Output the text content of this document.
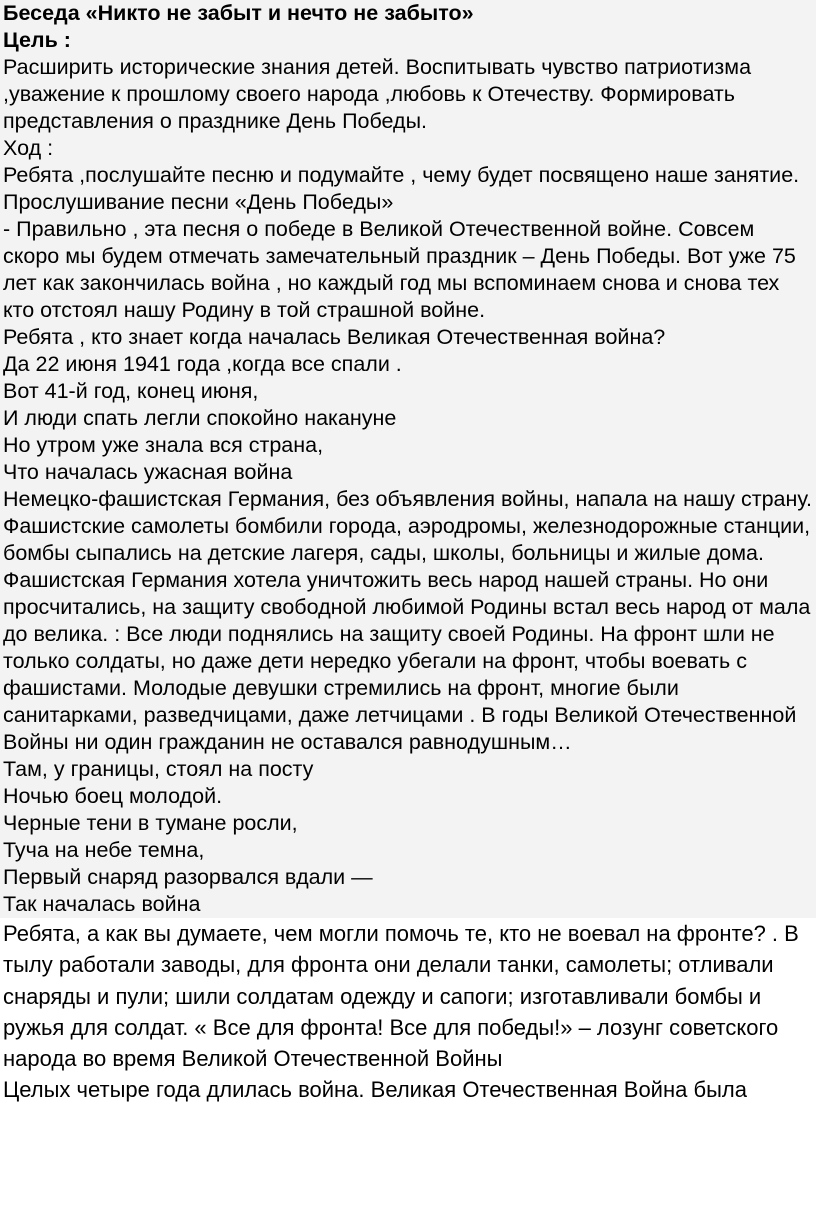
Беседа «Никто не забыт и нечто не забыто»

Цель :

Расширить исторические знания детей. Воспитывать чувство патриотизма ,уважение к прошлому своего народа ,любовь к Отечеству. Формировать представления о празднике День Победы.

Ход :

Ребята ,послушайте песню и подумайте , чему будет посвящено наше занятие.

Прослушивание песни «День Победы»

- Правильно , эта песня о победе в Великой Отечественной войне. Совсем скоро мы будем отмечать замечательный праздник – День Победы. Вот уже 75 лет как закончилась война , но каждый год мы вспоминаем снова и снова тех кто отстоял нашу Родину в той страшной войне.

Ребята , кто знает когда началась Великая Отечественная война?

Да 22 июня 1941 года ,когда все спали .

Вот 41-й год, конец июня,

И люди спать легли спокойно накануне

Но утром уже знала вся страна,

Что началась ужасная война

Немецко-фашистская Германия, без объявления войны, напала на нашу страну. Фашистские самолеты бомбили города, аэродромы, железнодорожные станции, бомбы сыпались на детские лагеря, сады, школы, больницы и жилые дома. Фашистская Германия хотела уничтожить весь народ нашей страны. Но они просчитались, на защиту свободной любимой Родины встал весь народ от мала до велика. : Все люди поднялись на защиту своей Родины. На фронт шли не только солдаты, но даже дети нередко убегали на фронт, чтобы воевать с фашистами. Молодые девушки стремились на фронт, многие были санитарками, разведчицами, даже летчицами . В годы Великой Отечественной Войны ни один гражданин не оставался равнодушным…

Там, у границы, стоял на посту

Ночью боец молодой.

Черные тени в тумане росли,

Туча на небе темна,

Первый снаряд разорвался вдали —

Так началась война

Ребята, а как вы думаете, чем могли помочь те, кто не воевал на фронте? . В тылу работали заводы, для фронта они делали танки, самолеты; отливали снаряды и пули; шили солдатам одежду и сапоги; изготавливали бомбы и ружья для солдат. « Все для фронта! Все для победы!» – лозунг советского народа во время Великой Отечественной Войны

Целых четыре года длилась война. Великая Отечественная Война была
